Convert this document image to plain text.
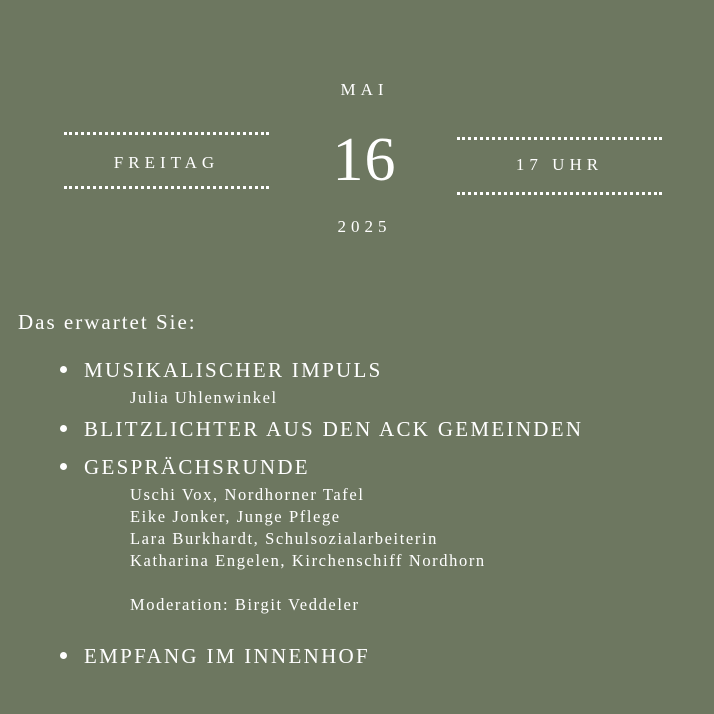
MAI
FREITAG	16	17 UHR
2025
Das erwartet Sie:
MUSIKALISCHER IMPULS
Julia Uhlenwinkel
BLITZLICHTER AUS DEN ACK GEMEINDEN
GESPRÄCHSRUNDE
Uschi Vox, Nordhorner Tafel
Eike Jonker, Junge Pflege
Lara Burkhardt, Schulsozialarbeiterin
Katharina Engelen, Kirchenschiff Nordhorn
Moderation: Birgit Veddeler
EMPFANG IM INNENHOF
